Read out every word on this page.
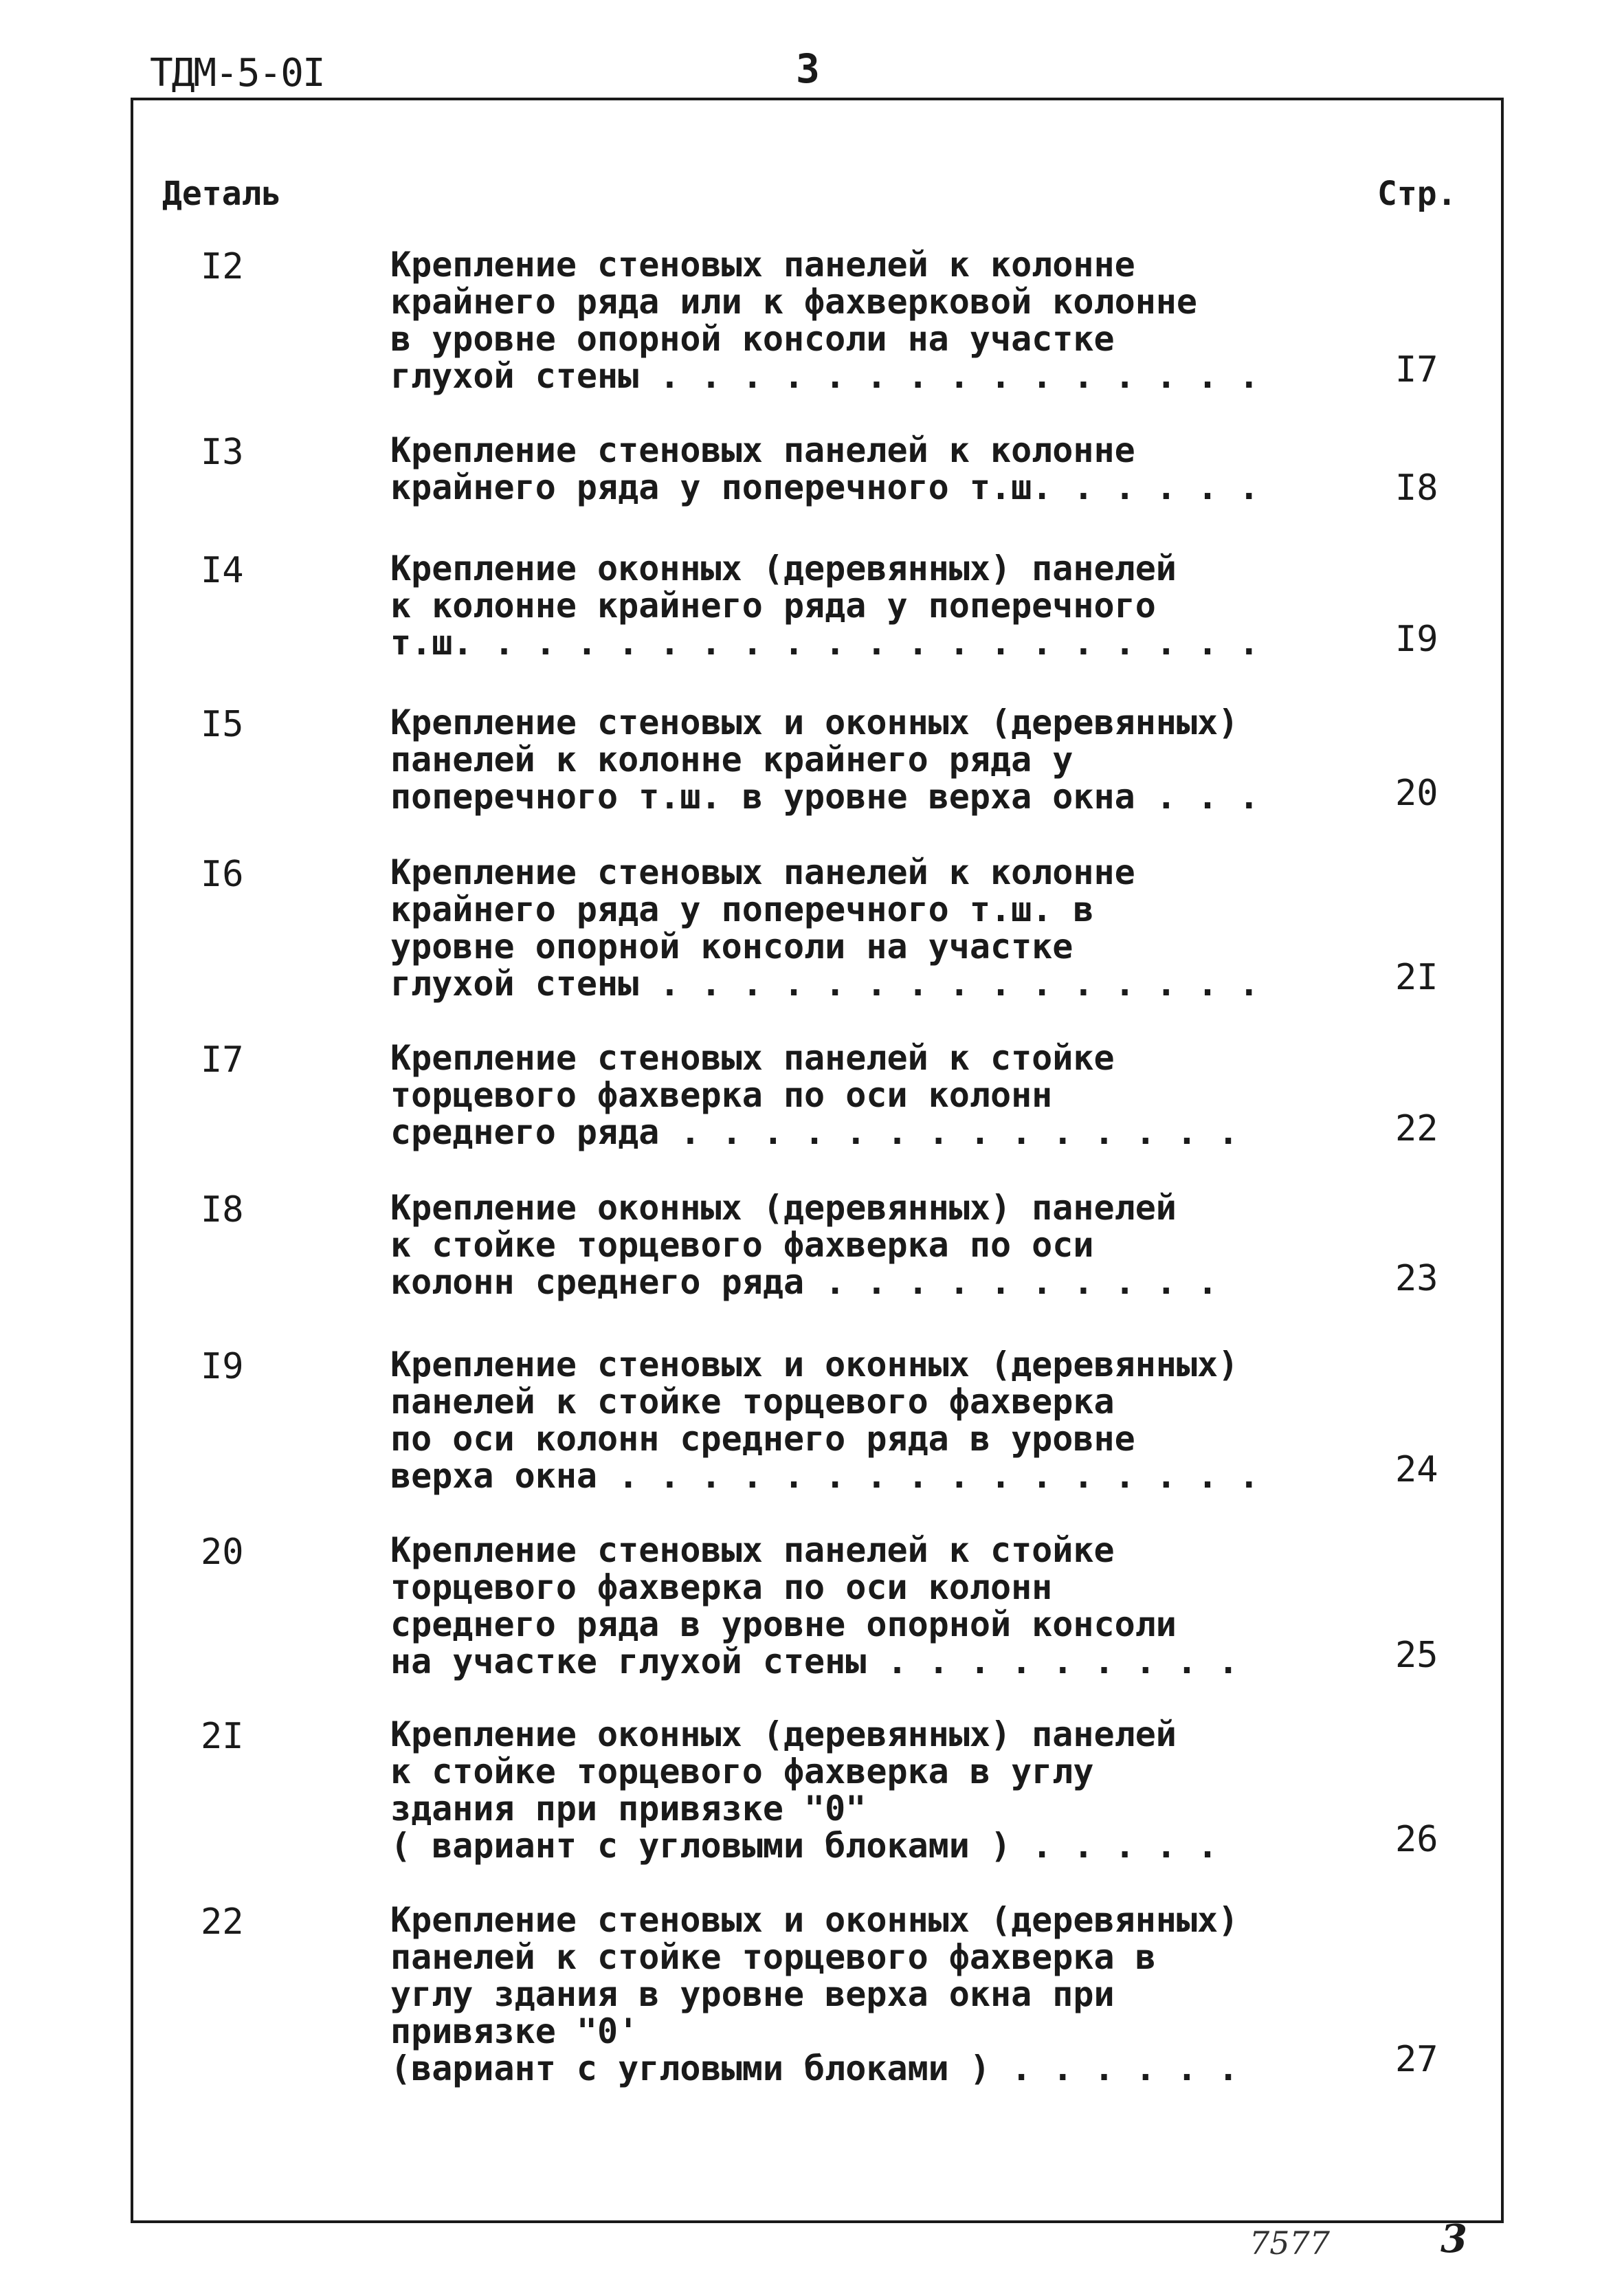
ТДМ-5-0I	3
Деталь	Стр.
I2	Крепление стеновых панелей к колонне
крайнего ряда или к фахверковой колонне
в уровне опорной консоли на участке
глухой стены . . . . . . . . . . . . . . .	I7
I3	Крепление стеновых панелей к колонне
крайнего ряда у поперечного т.ш. . . . . .	I8
I4	Крепление оконных (деревянных) панелей
к колонне крайнего ряда у поперечного
т.ш. . . . . . . . . . . . . . . . . . . .	I9
I5	Крепление стеновых и оконных (деревянных)
панелей к колонне крайнего ряда у
поперечного т.ш. в уровне верха окна . . .	20
I6	Крепление стеновых панелей к колонне
крайнего ряда у поперечного т.ш. в
уровне опорной консоли на участке
глухой стены . . . . . . . . . . . . . . .	2I
I7	Крепление стеновых панелей к стойке
торцевого фахверка по оси колонн
среднего ряда . . . . . . . . . . . . . .	22
I8	Крепление оконных (деревянных) панелей
к стойке торцевого фахверка по оси
колонн среднего ряда . . . . . . . . . .	23
I9	Крепление стеновых и оконных (деревянных)
панелей к стойке торцевого фахверка
по оси колонн среднего ряда в уровне
верха окна . . . . . . . . . . . . . . . .	24
20	Крепление стеновых панелей к стойке
торцевого фахверка по оси колонн
среднего ряда в уровне опорной консоли
на участке глухой стены . . . . . . . . .	25
2I	Крепление оконных (деревянных) панелей
к стойке торцевого фахверка в углу
здания при привязке "0"
( вариант с угловыми блоками ) . . . . .	26
22	Крепление стеновых и оконных (деревянных)
панелей к стойке торцевого фахверка в
углу здания в уровне верха окна при
привязке "0'
(вариант с угловыми блоками ) . . . . . .	27
7577	3
